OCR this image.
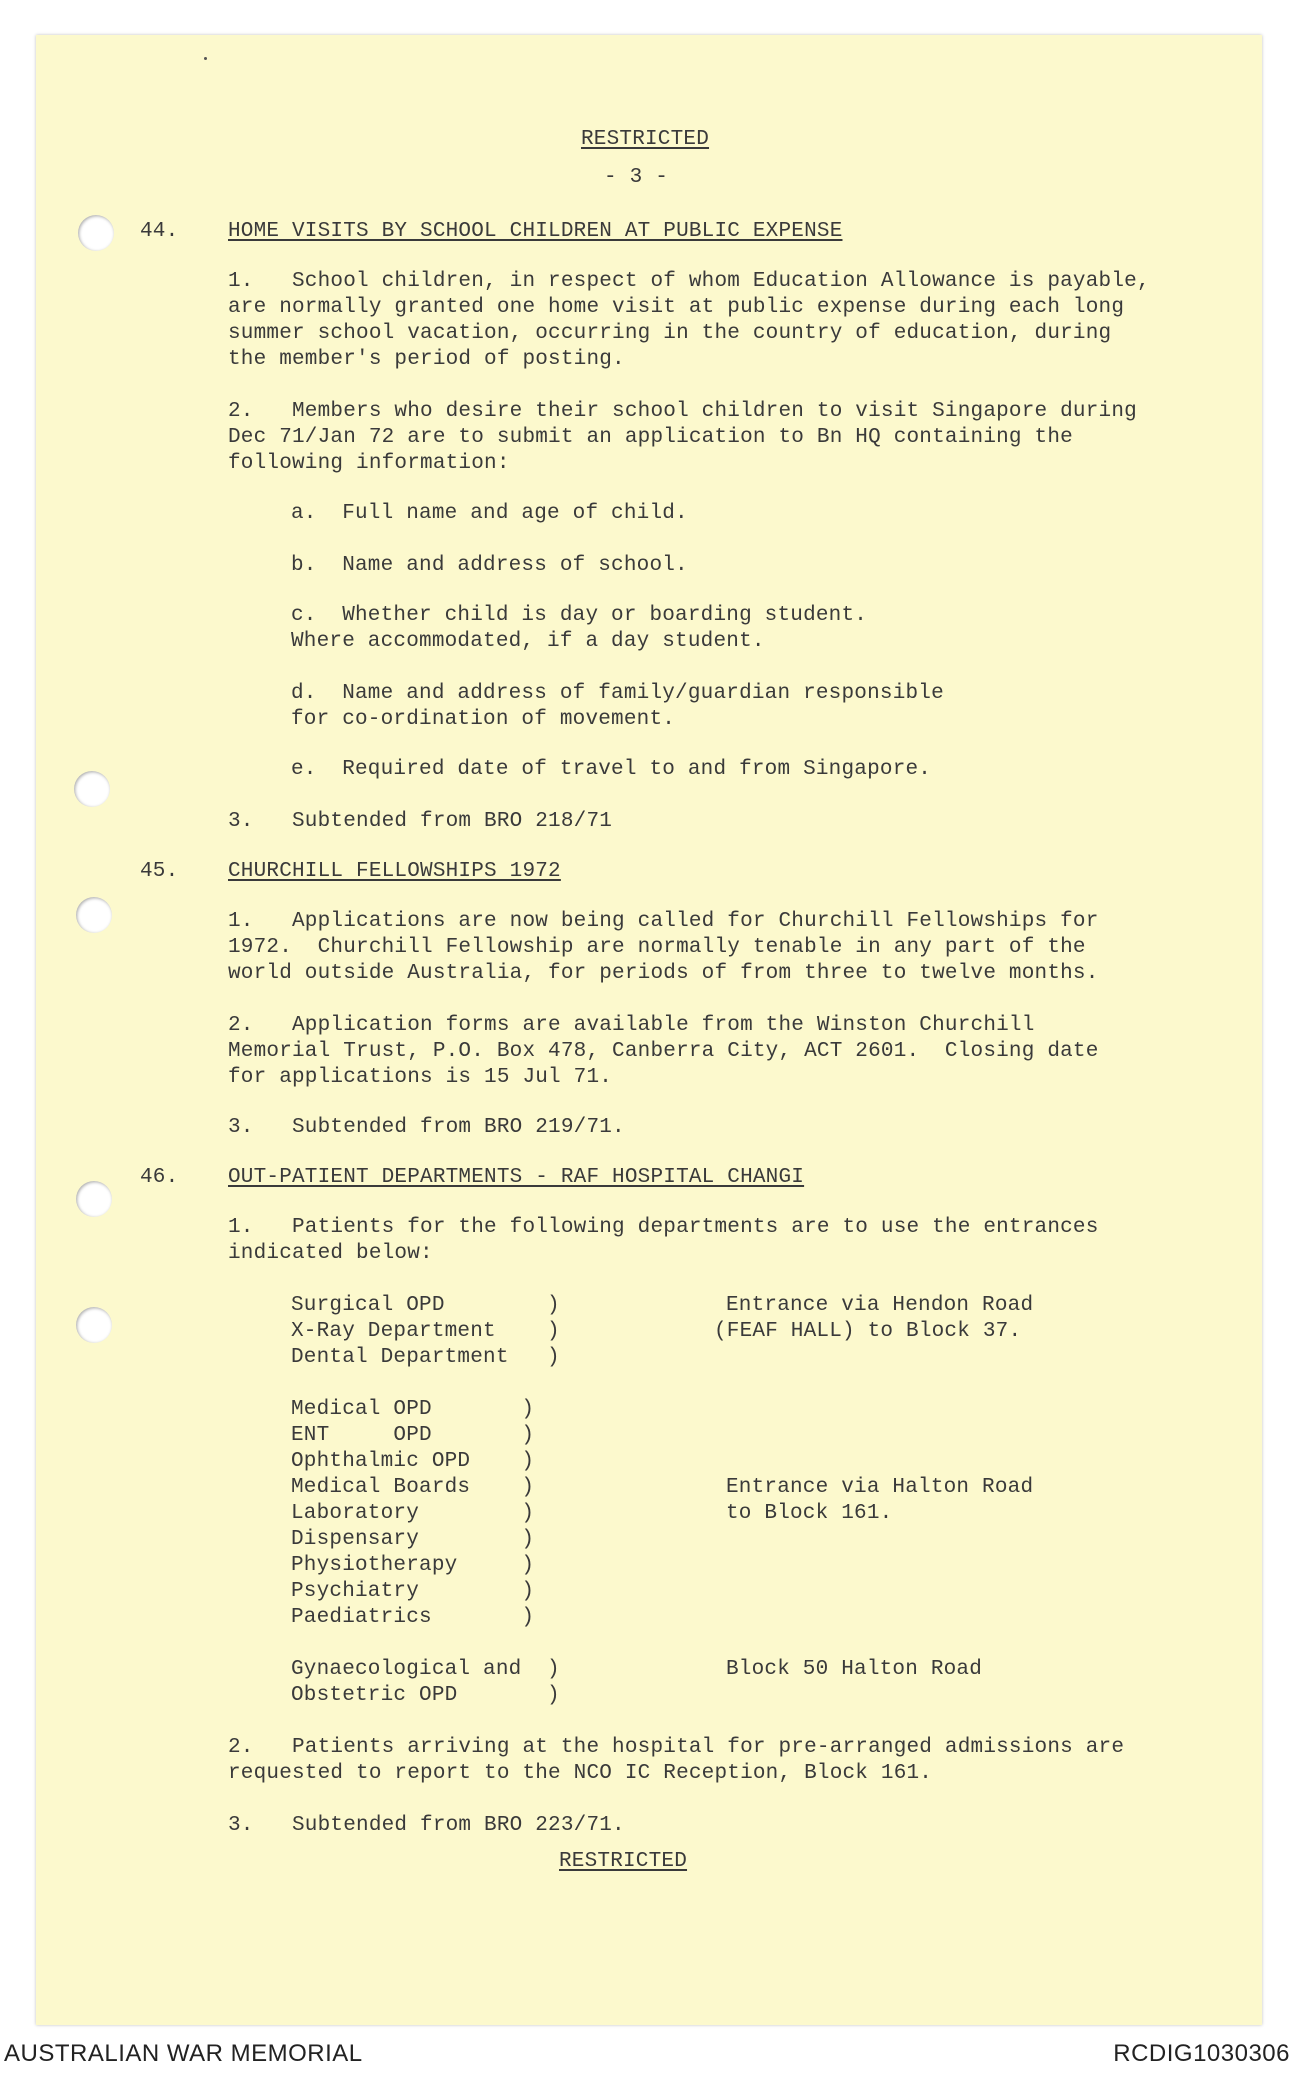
RESTRICTED
- 3 -
44. HOME VISITS BY SCHOOL CHILDREN AT PUBLIC EXPENSE
1.   School children, in respect of whom Education Allowance is payable,
are normally granted one home visit at public expense during each long
summer school vacation, occurring in the country of education, during
the member's period of posting.
2.   Members who desire their school children to visit Singapore during
Dec 71/Jan 72 are to submit an application to Bn HQ containing the
following information:
a.  Full name and age of child.
b.  Name and address of school.
c.  Whether child is day or boarding student.
Where accommodated, if a day student.
d.  Name and address of family/guardian responsible
for co-ordination of movement.
e.  Required date of travel to and from Singapore.
3.   Subtended from BRO 218/71
45. CHURCHILL FELLOWSHIPS 1972
1.   Applications are now being called for Churchill Fellowships for
1972.  Churchill Fellowship are normally tenable in any part of the
world outside Australia, for periods of from three to twelve months.
2.   Application forms are available from the Winston Churchill
Memorial Trust, P.O. Box 478, Canberra City, ACT 2601.  Closing date
for applications is 15 Jul 71.
3.   Subtended from BRO 219/71.
46. OUT-PATIENT DEPARTMENTS - RAF HOSPITAL CHANGI
1.   Patients for the following departments are to use the entrances
indicated below:
Surgical OPD        )
X-Ray Department    )
Dental Department   )
Entrance via Hendon Road
(FEAF HALL) to Block 37.
Medical OPD       )
ENT     OPD       )
Ophthalmic OPD    )
Medical Boards    )
Laboratory        )
Dispensary        )
Physiotherapy     )
Psychiatry        )
Paediatrics       )
Entrance via Halton Road
to Block 161.
Gynaecological and  )
Obstetric OPD       )
Block 50 Halton Road
2.   Patients arriving at the hospital for pre-arranged admissions are
requested to report to the NCO IC Reception, Block 161.
3.   Subtended from BRO 223/71.
RESTRICTED
AUSTRALIAN WAR MEMORIAL	RCDIG1030306
